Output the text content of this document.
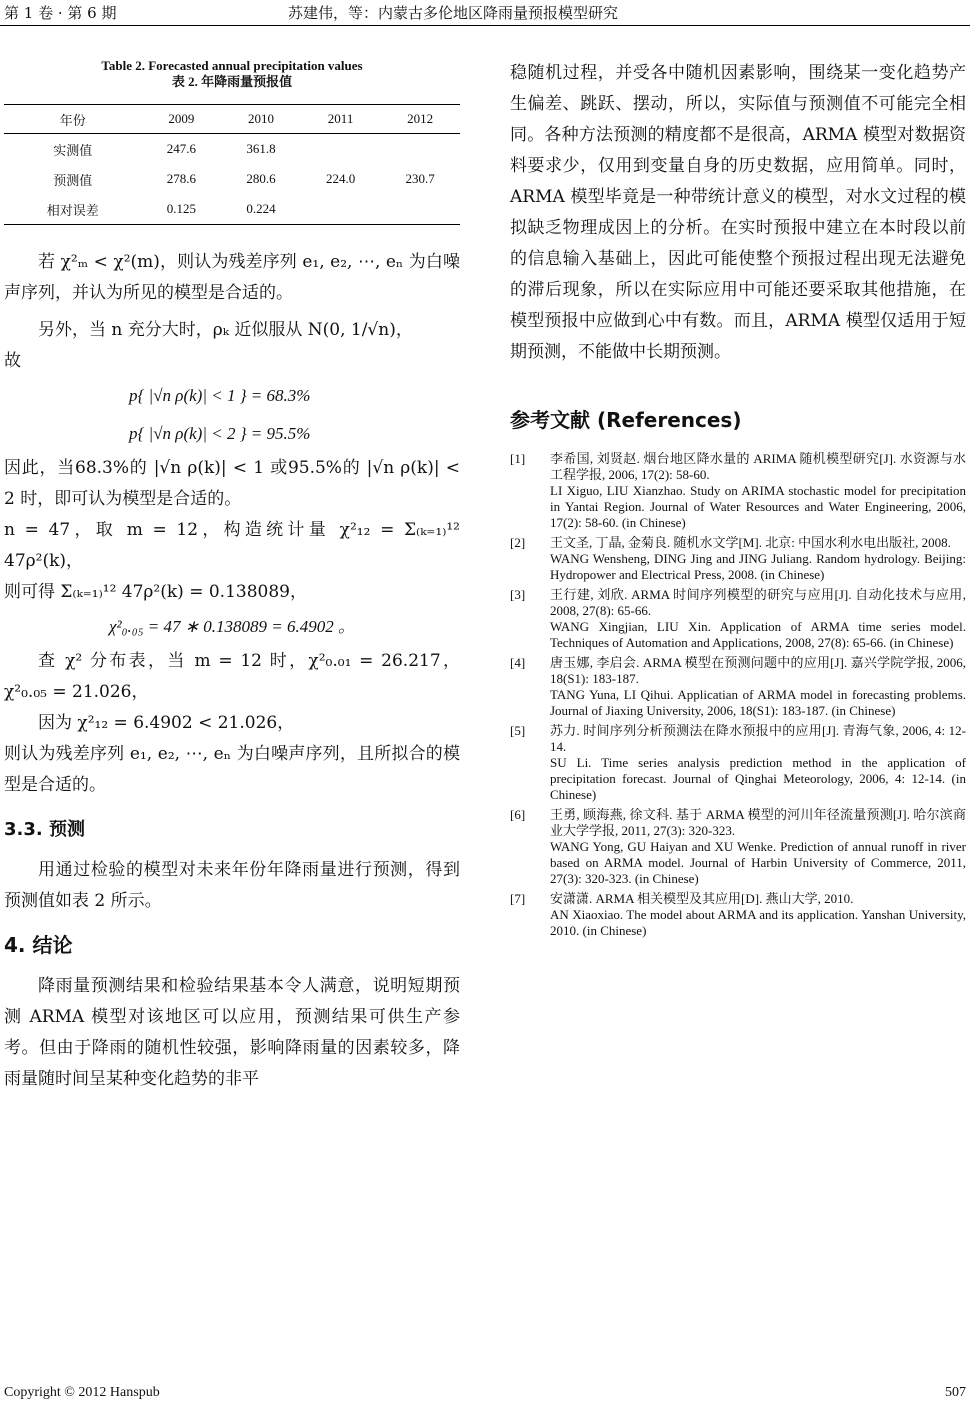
第 1 卷 · 第 6 期	苏建伟，等：内蒙古多伦地区降雨量预报模型研究
Table 2. Forecasted annual precipitation values
表 2. 年降雨量预报值
年份	2009	2010	2011	2012
实测值	247.6	361.8		
预测值	278.6	280.6	224.0	230.7
相对误差	0.125	0.224		

若 χ²ₘ < χ²(m)，则认为残差序列 e₁, e₂, ⋯, eₙ 为白噪声序列，并认为所见的模型是合适的。

另外，当 n 充分大时，ρₖ 近似服从 N(0, 1/√n)，

故

p{ |√n ρ(k)| < 1 } = 68.3%
p{ |√n ρ(k)| < 2 } = 95.5%

因此，当68.3%的 |√n ρ(k)| < 1 或95.5%的 |√n ρ(k)| < 2 时，即可认为模型是合适的。

n = 47，取 m = 12，构造统计量 χ²₁₂ = Σ₍ₖ₌₁₎¹² 47ρ²(k)，

则可得 Σ₍ₖ₌₁₎¹² 47ρ²(k) = 0.138089，

χ²₀.₀₅ = 47 ∗ 0.138089 = 6.4902 。

查 χ² 分布表，当 m = 12 时，χ²₀.₀₁ = 26.217，χ²₀.₀₅ = 21.026，

因为 χ²₁₂ = 6.4902 < 21.026，

则认为残差序列 e₁, e₂, ⋯, eₙ 为白噪声序列，且所拟合的模型是合适的。

3.3. 预测

用通过检验的模型对未来年份年降雨量进行预测，得到预测值如表 2 所示。

4. 结论

降雨量预测结果和检验结果基本令人满意，说明短期预测 ARMA 模型对该地区可以应用，预测结果可供生产参考。但由于降雨的随机性较强，影响降雨量的因素较多，降雨量随时间呈某种变化趋势的非平

稳随机过程，并受各中随机因素影响，围绕某一变化趋势产生偏差、跳跃、摆动，所以，实际值与预测值不可能完全相同。各种方法预测的精度都不是很高，ARMA 模型对数据资料要求少，仅用到变量自身的历史数据，应用简单。同时，ARMA 模型毕竟是一种带统计意义的模型，对水文过程的模拟缺乏物理成因上的分析。在实时预报中建立在本时段以前的信息输入基础上，因此可能使整个预报过程出现无法避免的滞后现象，所以在实际应用中可能还要采取其他措施，在模型预报中应做到心中有数。而且，ARMA 模型仅适用于短期预测，不能做中长期预测。

参考文献 (References)
[1] 李希国, 刘贤赵. 烟台地区降水量的 ARIMA 随机模型研究[J]. 水资源与水工程学报, 2006, 17(2): 58-60.
LI Xiguo, LIU Xianzhao. Study on ARIMA stochastic model for precipitation in Yantai Region. Journal of Water Resources and Water Engineering, 2006, 17(2): 58-60. (in Chinese)
[2] 王文圣, 丁晶, 金菊良. 随机水文学[M]. 北京: 中国水利水电出版社, 2008.
WANG Wensheng, DING Jing and JING Juliang. Random hydrology. Beijing: Hydropower and Electrical Press, 2008. (in Chinese)
[3] 王行建, 刘欣. ARMA 时间序列模型的研究与应用[J]. 自动化技术与应用, 2008, 27(8): 65-66.
WANG Xingjian, LIU Xin. Application of ARMA time series model. Techniques of Automation and Applications, 2008, 27(8): 65-66. (in Chinese)
[4] 唐玉娜, 李启会. ARMA 模型在预测问题中的应用[J]. 嘉兴学院学报, 2006, 18(S1): 183-187.
TANG Yuna, LI Qihui. Applicatian of ARMA model in forecasting problems. Journal of Jiaxing University, 2006, 18(S1): 183-187. (in Chinese)
[5] 苏力. 时间序列分析预测法在降水预报中的应用[J]. 青海气象, 2006, 4: 12-14.
SU Li. Time series analysis prediction method in the application of precipitation forecast. Journal of Qinghai Meteorology, 2006, 4: 12-14. (in Chinese)
[6] 王勇, 顾海燕, 徐文科. 基于 ARMA 模型的河川年径流量预测[J]. 哈尔滨商业大学学报, 2011, 27(3): 320-323.
WANG Yong, GU Haiyan and XU Wenke. Prediction of annual runoff in river based on ARMA model. Journal of Harbin University of Commerce, 2011, 27(3): 320-323. (in Chinese)
[7] 安潇潇. ARMA 相关模型及其应用[D]. 燕山大学, 2010.
AN Xiaoxiao. The model about ARMA and its application. Yanshan University, 2010. (in Chinese)
Copyright © 2012 Hanspub	507
